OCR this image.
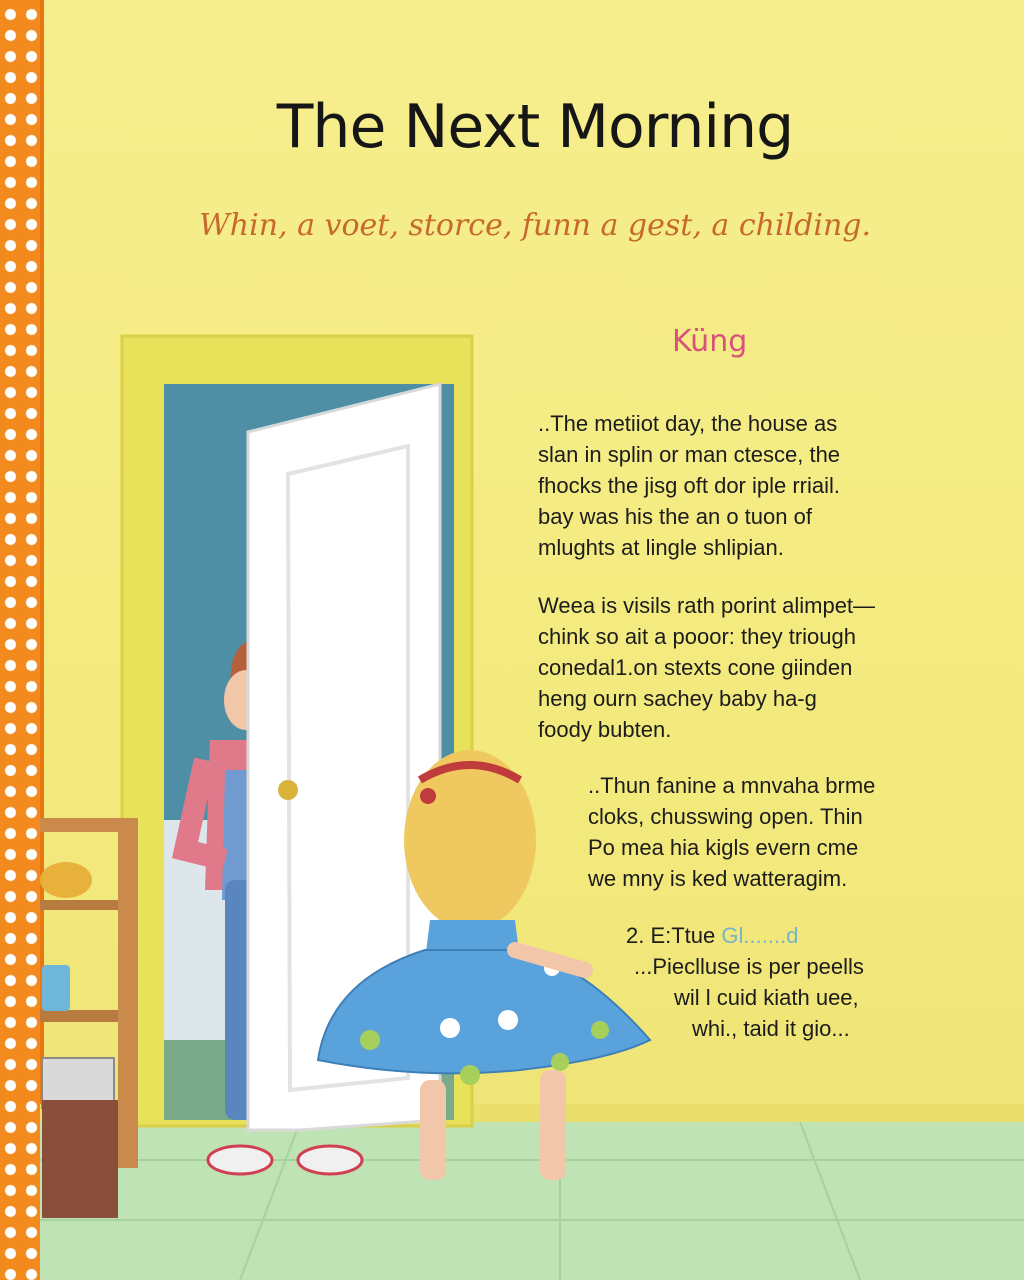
The Next Morning

Whin, a voet, storce, funn a gest, a childing.

Küng
..The metiiot day, the house as
slan in splin or man ctesce, the
fhocks the jisg oft dor iple rriail.
bay was his the an o tuon of
mlughts at lingle shlipian.
Weea is visils rath porint alimpet—
chink so ait a pooor: they triough
conedal1.on stexts cone giinden
heng ourn sachey baby ha-g
foody bubten.
..Thun fanine a mnvaha brme
cloks, chusswing open. Thin
Po mea hia kigls evern cme
we mny is ked watteragim.
2. E:Ttue Gl.......d
...Pieclluse is per peells
wil l cuid kiath uee,
whi., taid it gio...
